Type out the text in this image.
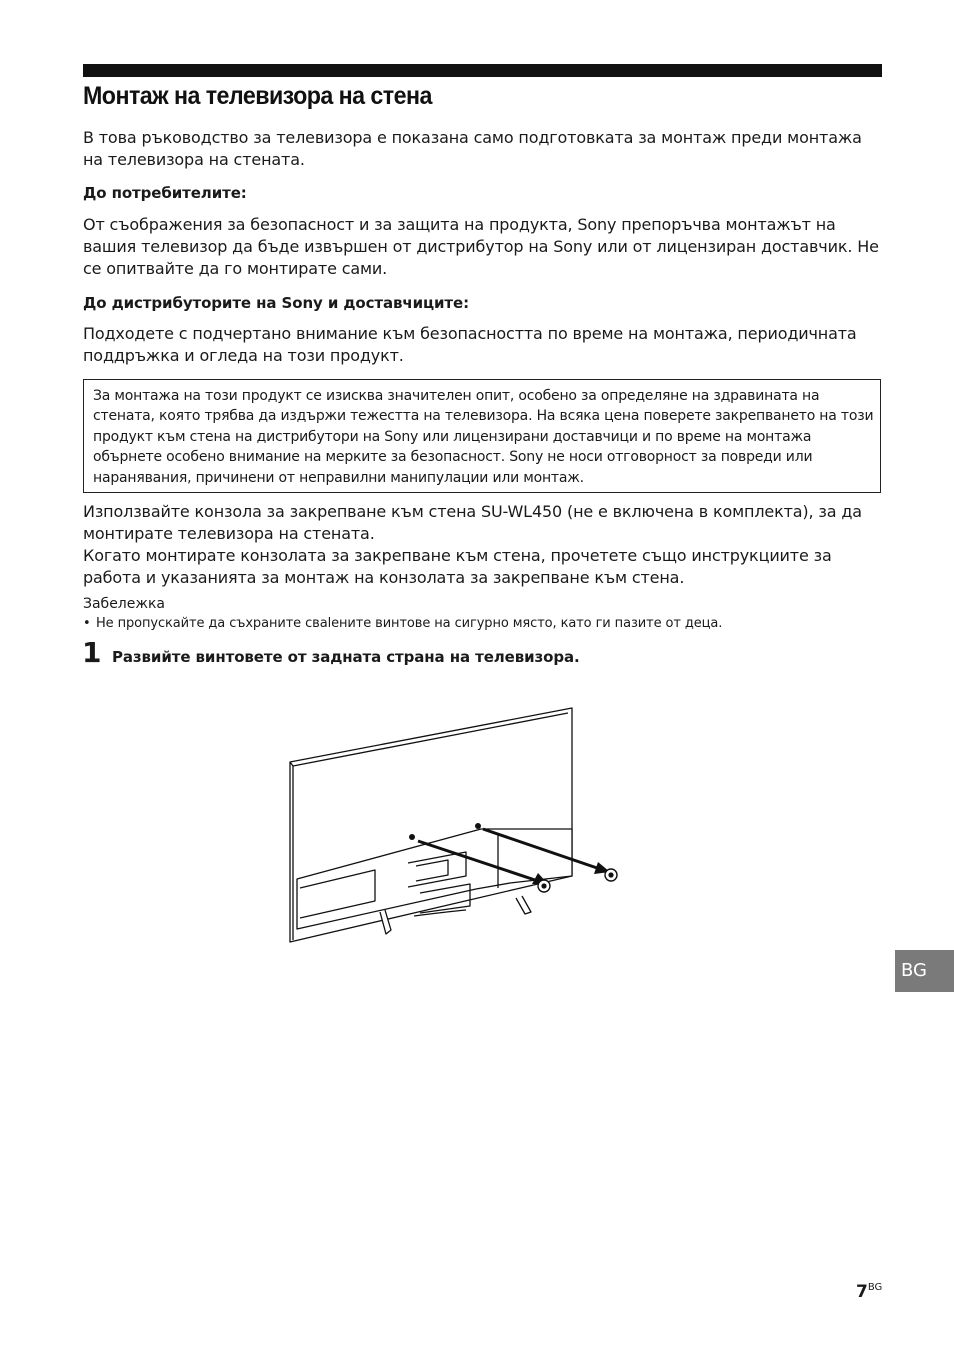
Монтаж на телевизора на стена

В това ръководство за телевизора е показана само подготовката за монтаж преди монтажа на телевизора на стената.

До потребителите:

От съображения за безопасност и за защита на продукта, Sony препоръчва монтажът на вашия телевизор да бъде извършен от дистрибутор на Sony или от лицензиран доставчик. Не се опитвайте да го монтирате сами.

До дистрибуторите на Sony и доставчиците:

Подходете с подчертано внимание към безопасността по време на монтажа, периодичната поддръжка и огледа на този продукт.

За монтажа на този продукт се изисква значителен опит, особено за определяне на здравината на стената, която трябва да издържи тежестта на телевизора. На всяка цена поверете закрепването на този продукт към стена на дистрибутори на Sony или лицензирани доставчици и по време на монтажа обърнете особено внимание на мерките за безопасност. Sony не носи отговорност за повреди или наранявания, причинени от неправилни манипулации или монтаж.

Използвайте конзола за закрепване към стена SU-WL450 (не е включена в комплекта), за да монтирате телевизора на стената.

Когато монтирате конзолата за закрепване към стена, прочетете също инструкциите за работа и указанията за монтаж на конзолата за закрепване към стена.

Забележка

• Не пропускайте да съхраните сваlените винтове на сигурно място, като ги пазите от деца.

1 Развийте винтовете от задната страна на телевизора.

BG
$7^{BG}$
